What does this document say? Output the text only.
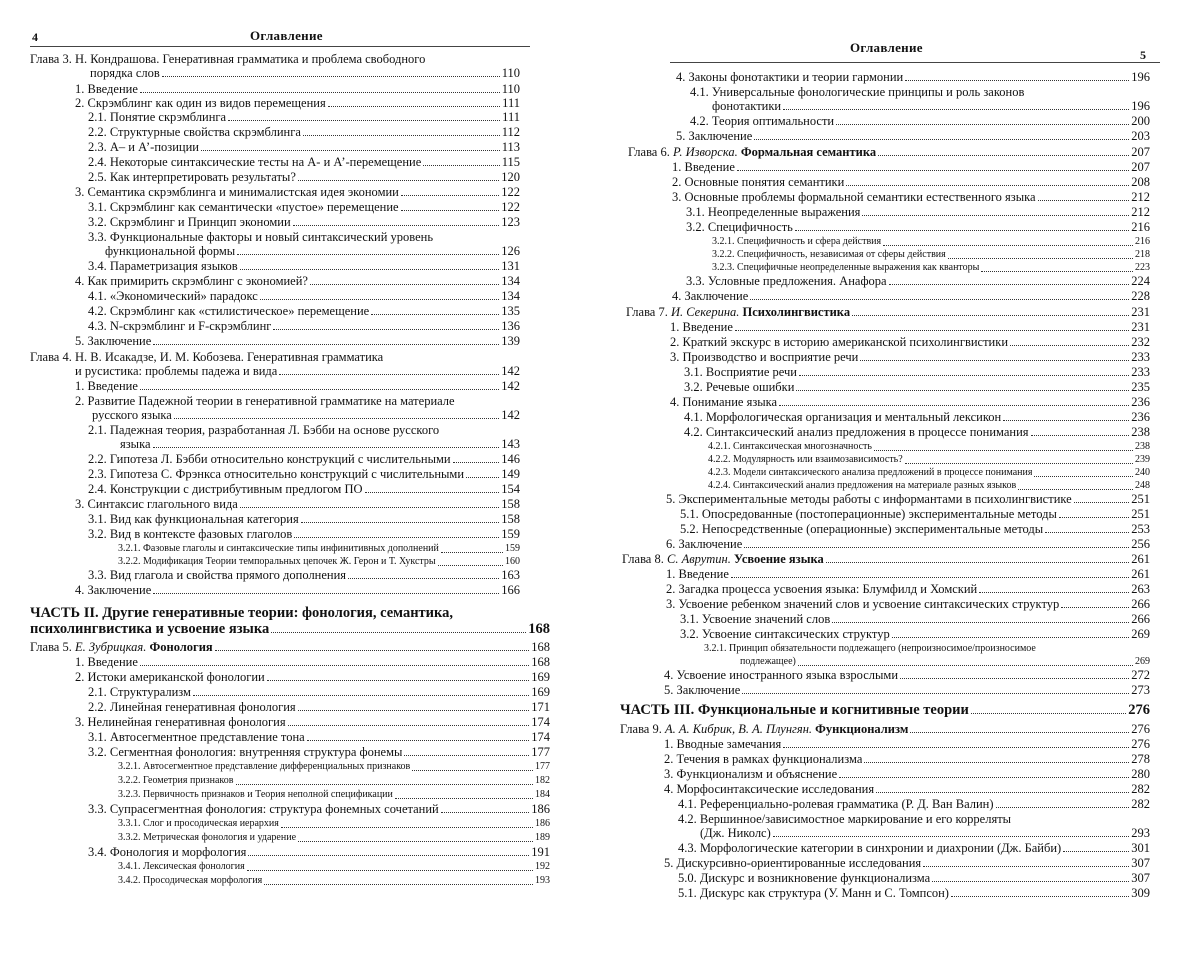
4	Оглавление
Оглавление	5
Глава 3. Н. Кондрашова. Генеративная грамматика и проблема свободного
порядка слов	110
1. Введение	110
2. Скрэмблинг как один из видов перемещения	111
2.1. Понятие скрэмблинга	111
2.2. Структурные свойства скрэмблинга	112
2.3. А– и А’-позиции	113
2.4. Некоторые синтаксические тесты на А- и А’-перемещение	115
2.5. Как интерпретировать результаты?	120
3. Семантика скрэмблинга и минималистская идея экономии	122
3.1. Скрэмблинг как семантически «пустое» перемещение	122
3.2. Скрэмблинг и Принцип экономии	123
3.3. Функциональные факторы и новый синтаксический уровень
функциональной формы	126
3.4. Параметризация языков	131
4. Как примирить скрэмблинг с экономией?	134
4.1. «Экономический» парадокс	134
4.2. Скрэмблинг как «стилистическое» перемещение	135
4.3. N-скрэмблинг и F-скрэмблинг	136
5. Заключение	139
Глава 4. Н. В. Исакадзе, И. М. Кобозева. Генеративная грамматика
и русистика: проблемы падежа и вида	142
1. Введение	142
2. Развитие Падежной теории в генеративной грамматике на материале
русского языка	142
2.1. Падежная теория, разработанная Л. Бэбби на основе русского
языка	143
2.2. Гипотеза Л. Бэбби относительно конструкций с числительными	146
2.3. Гипотеза С. Фрэнкса относительно конструкций с числительными	149
2.4. Конструкции с дистрибутивным предлогом ПО	154
3. Синтаксис глагольного вида	158
3.1. Вид как функциональная категория	158
3.2. Вид в контексте фазовых глаголов	159
3.2.1. Фазовые глаголы и синтаксические типы инфинитивных дополнений	159
3.2.2. Модификация Теории темпоральных цепочек Ж. Герон и Т. Хукстры	160
3.3. Вид глагола и свойства прямого дополнения	163
4. Заключение	166
ЧАСТЬ II. Другие генеративные теории: фонология, семантика,
психолингвистика и усвоение языка	168
Глава 5. Е. Зубрицкая. Фонология	168
1. Введение	168
2. Истоки американской фонологии	169
2.1. Структурализм	169
2.2. Линейная генеративная фонология	171
3. Нелинейная генеративная фонология	174
3.1. Автосегментное представление тона	174
3.2. Сегментная фонология: внутренняя структура фонемы	177
3.2.1. Автосегментное представление дифференциальных признаков	177
3.2.2. Геометрия признаков	182
3.2.3. Первичность признаков и Теория неполной спецификации	184
3.3. Супрасегментная фонология: структура фонемных сочетаний	186
3.3.1. Слог и просодическая иерархия	186
3.3.2. Метрическая фонология и ударение	189
3.4. Фонология и морфология	191
3.4.1. Лексическая фонология	192
3.4.2. Просодическая морфология	193
4. Законы фонотактики и теории гармонии	196
4.1. Универсальные фонологические принципы и роль законов
фонотактики	196
4.2. Теория оптимальности	200
5. Заключение	203
Глава 6. Р. Изворска. Формальная семантика	207
1. Введение	207
2. Основные понятия семантики	208
3. Основные проблемы формальной семантики естественного языка	212
3.1. Неопределенные выражения	212
3.2. Специфичность	216
3.2.1. Специфичность и сфера действия	216
3.2.2. Специфичность, независимая от сферы действия	218
3.2.3. Специфичные неопределенные выражения как кванторы	223
3.3. Условные предложения. Анафора	224
4. Заключение	228
Глава 7. И. Секерина. Психолингвистика	231
1. Введение	231
2. Краткий экскурс в историю американской психолингвистики	232
3. Производство и восприятие речи	233
3.1. Восприятие речи	233
3.2. Речевые ошибки	235
4. Понимание языка	236
4.1. Морфологическая организация и ментальный лексикон	236
4.2. Синтаксический анализ предложения в процессе понимания	238
4.2.1. Синтаксическая многозначность	238
4.2.2. Модулярность или взаимозависимость?	239
4.2.3. Модели синтаксического анализа предложений в процессе понимания	240
4.2.4. Синтаксический анализ предложения на материале разных языков	248
5. Экспериментальные методы работы с информантами в психолингвистике	251
5.1. Опосредованные (постоперационные) экспериментальные методы	251
5.2. Непосредственные (операционные) экспериментальные методы	253
6. Заключение	256
Глава 8. С. Аврутин. Усвоение языка	261
1. Введение	261
2. Загадка процесса усвоения языка: Блумфилд и Хомский	263
3. Усвоение ребенком значений слов и усвоение синтаксических структур	266
3.1. Усвоение значений слов	266
3.2. Усвоение синтаксических структур	269
3.2.1. Принцип обязательности подлежащего (непроизносимое/произносимое
подлежащее)	269
4. Усвоение иностранного языка взрослыми	272
5. Заключение	273
ЧАСТЬ III. Функциональные и когнитивные теории	276
Глава 9. А. А. Кибрик, В. А. Плунгян. Функционализм	276
1. Вводные замечания	276
2. Течения в рамках функционализма	278
3. Функционализм и объяснение	280
4. Морфосинтаксические исследования	282
4.1. Референциально-ролевая грамматика (Р. Д. Ван Валин)	282
4.2. Вершинное/зависимостное маркирование и его корреляты
(Дж. Николс)	293
4.3. Морфологические категории в синхронии и диахронии (Дж. Байби)	301
5. Дискурсивно-ориентированные исследования	307
5.0. Дискурс и возникновение функционализма	307
5.1. Дискурс как структура (У. Манн и С. Томпсон)	309
